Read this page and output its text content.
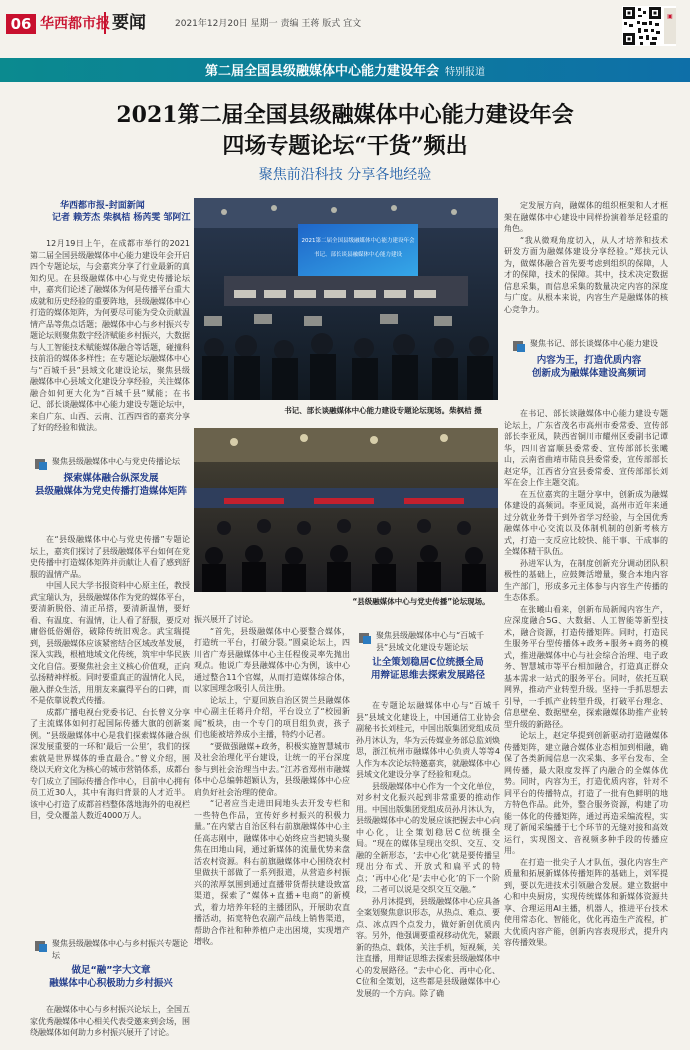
06 华西都市报 要闻	2021年12月20日 星期一 责编 王蒋 版式 宜文
▣
第二届全国县级融媒体中心能力建设年会 特别报道
2021第二届全国县级融媒体中心能力建设年会
四场专题论坛“干货”频出
聚焦前沿科技 分享各地经验
华西都市报-封面新闻
记者 赖芳杰 柴枫桔 杨芮雯 邹阿江

12月19日上午，在成都市举行的2021第二届全国县级融媒体中心能力建设年会开启四个专题论坛，与会嘉宾分享了行业最新的真知灼见。在县级融媒体中心与党史传播论坛中，嘉宾们论述了融媒体为何是传播平台重大成就和历史经验的重要阵地，县级融媒体中心打造的媒体矩阵，为何要尽可能为受众贡献温情产品等焦点话题；融媒体中心与乡村振兴专题论坛则聚焦数字经济赋能乡村振兴，大数据与人工智能技术赋能媒体融合等话题，碰撞科技前沿的媒体多样性；在专题论坛融媒体中心与“百城千县”县域文化建设论坛，聚焦县级融媒体中心县域文化建设分享经验，关注媒体融合如何更大化为“百城千县”赋能；在书记、部长谈融媒体中心能力建设专题论坛中，来自广东、山西、云南、江西四省的嘉宾分享了好的经验和做法。

2021第二届全国县级融媒体中心能力建设年会
书记、部长谈县融媒体中心能力建设
书记、部长谈融媒体中心能力建设专题论坛现场。柴枫桔 摄

定发展方向，融媒体的组织框架和人才框架在融媒体中心建设中同样扮演着举足轻重的角色。

“我从微观角度切入，从人才培养和技术研发方面为融媒体建设分享经验。”郑扶元认为，做媒体融合首先要考虑到组织的保障，人才的保障，技术的保障。其中，技术决定数据信息采集，而信息采集的数量决定内容的深度与广度。从根本来说，内容生产是融媒体的核心竞争力。

聚焦书记、部长谈媒体中心能力建设
内容为王，打造优质内容
创新成为融媒体建设高频词
“县级融媒体中心与党史传播”论坛现场。
聚焦县级融媒体中心与党史传播论坛
探索媒体融合纵深发展
县级融媒体为党史传播打造媒体矩阵

在“县级融媒体中心与党史传播”专题论坛上，嘉宾们探讨了县级融媒体平台如何在党史传播中打造媒体矩阵并贡献让人看了感到舒服的温情产品。

中国人民大学书报资料中心原主任，教授武宝瑞认为，县级融媒体作为党的媒体平台，要清新脱俗、清正吊搭，要清新温情，要好看、有温度、有温情，让人看了舒服，要反对庸俗低俗媚俗，破除传统旧观念。武宝瑞提到，县级融媒体应该紧密结合区域改革发展，深入实践，根植地域文化传统，筑牢中华民族文化自信。要聚焦社会主义核心价值观，正向弘扬精神样板。同时要重真正的温情化人民，融入群众生活，用朋友来赢得平台的口碑，而不是依靠说教式传播。

成都广播电视台党委书记、台长曾义分享了主流媒体如何打起国际传播大旗的创新案例。“县级融媒体中心是我们探索媒体融合纵深发展重要的一环和‘最后一公里’，我们的探索就是世界媒体的垂直最合。”曾义介绍，围绕以天府文化为核心的城市营销体系，成都台专门成立了国际传播合作中心，目前中心拥有员工近30人，其中有海归背景的人才近半。该中心打造了成都首档整体落地海外的电视栏目，受众覆盖人数近4000万人。

聚焦县级融媒体中心与乡村振兴专题论坛
做足“融”字大文章
融媒体中心积极助力乡村振兴

在融媒体中心与乡村振兴论坛上，全国五家优秀融媒体中心相关代表受邀来到会场，围绕融媒体如何助力乡村振兴展开了讨论。

振兴展开了讨论。

“首先，县级融媒体中心要整合媒体，打造统一平台，打破分裂。”圆桌论坛上，四川省广寿县融媒体中心主任程俊灵率先抛出观点。他说广寿县融媒体中心为例，该中心通过整合11个官媒，从而打造媒体综合体，以家国理念吸引人员注册。

论坛上，宁夏回族自治区贺兰县融媒体中心副主任蒋丹介绍，平台设立了“校园新闻”板块，由一个专门的项目组负责，孩子们也能被培养成小主播，特约小记者。

“要做强融媒+政务，积极实施智慧城市及社会治理化平台建设，让统一的平台深度参与到社会治理当中去。”江苏省郑州市融媒体中心总编韩超颖认为，县级融媒体中心应肩负好社会治理的使命。

“记者应当走进田间地头去开发专栏和一些特色作品，宣传好乡村振兴的积极力量。”在内蒙古自治区科右前旗融媒体中心主任高志刚中，融媒体中心始终应当把镜头聚焦在田地山间，通过新媒体的流量优势来盘活农村资源。科右前旗融媒体中心围绕农村里做扶干部做了一系列报道，从营造乡村振兴的浓厚氛围到通过直播带货帮扶建设致富渠道，探索了“媒体+直播+电商”的新模式，着力培养年轻的主播团队，开展助农直播活动，拓宽特色农副产品线上销售渠道，帮助合作社和种养植户走出困境，实现增产增收。

聚焦县级融媒体中心与“百城千县”县域文化建设专题论坛
让全策划稳居C位统摄全局
用辩证思维去探索发展路径

在专题论坛融媒体中心与“百城千县”县域文化建设上，中国通信工业协会副秘书长刘桂元，中国出版集团党组成员孙月沐认为，华为云传媒业务部总监刘焕思，浙江杭州市融媒体中心负责人等等4人作为本次论坛特邀嘉宾，就融媒体中心县域文化建设分享了经验和观点。

县级融媒体中心作为一个文化单位，对乡村文化振兴起到非常重要的推动作用。中国出版集团党组成员孙月沐认为，县级融媒体中心的发展应该把握去中心向中心化，让全策划稳居C位统摄全局。“现在的媒体呈现出交织、交互、交融的全新形态，‘去中心化’就是要传播呈现出分布式、开放式和扁平式的特点；‘再中心化’是‘去中心化’的下一个阶段，二者可以说是交织交互交融。”

孙月沐提到，县级融媒体中心应具备全案划聚焦意识形态，从热点、难点、要点、冰点四个点发力，做好新创优质内容。另外，他强调要重视移动优先，紧跟新的热点、载体，关注手机，短视频，关注直播，用辩证思维去探索县级融媒体中心的发展路径。“去中心化、再中心化、C位和全策划，这些都是县级融媒体中心发展的一个方向。除了确

在书记、部长谈融媒体中心能力建设专题论坛上，广东省茂名市高州市委常委、宣传部部长李亚凤，陕西省铜川市耀州区委副书记谭华，四川省富顺县委常委、宣传部部长张曦山，云南省曲靖市陆良县委常委，宣传部部长赵定华，江西省分宜县委常委、宣传部部长刘军在会上作主题交流。

在五位嘉宾的主题分享中，创新成为融媒体建设的高频词。李亚凤说，高州市近年来通过分就业务骨干到外省学习经验，与全国优秀融媒体中心交流以及体制机制的创新考核方式，打造一支反应比较快、能干事、干成事的全媒体精干队伍。

孙进军认为，在制度创新充分调动团队积极性的基础上，应鼓舞活增量，聚合本地内容生产部门，形成多元主体参与内容生产传播的生态体系。

在张曦山看来，创新布局新闻内容生产，应深度融合5G、大数据、人工智能等新型技术，融合资源，打造传播矩阵。同时，打造民生服务平台型传播体+政务+服务+商务的模式，推进融媒体中心与社会综合治理、电子政务、智慧城市等平台相加融合，打造真正群众基本需求一站式的服务平台。同时，依托互联网界，推动产业转型升级。坚持一手抓思想去引导，一手抓产业转型升级，打破平台理念、信息壁垒、数据壁垒，探索融媒体助推产业转型升级的新路径。

论坛上，赵定华提到创新驱动打造融媒体传播矩阵，建立融合媒体业态相加到相融，确保了各类新闻信息一次采集、多平台发布、全网传播，最大限度发挥了内融合的全媒体优势。同时，内容为王，打造优质内容，针对不同平台的传播特点，打造了一批有色鲜明的地方特色作品。此外，整合服务资源，构建了功能一体化的传播矩阵，通过再造采编流程，实现了新闻采编播于七个环节的无缝对接和高效运行，实现图文、音视频多种手段的传播应用。

在打造一批尖子人才队伍，强化内容生产质量和拓展新媒体传播矩阵的基础上，刘军提到，要以先进技术引领融合发展。建立数据中心和中央厨房，实现传统媒体和新媒体资源共享、合理运用AI主播，机器人，推进平台技术使用常态化、智能化，优化再造生产流程，扩大优质内容产能，创新内容表现形式，提升内容传播效果。
